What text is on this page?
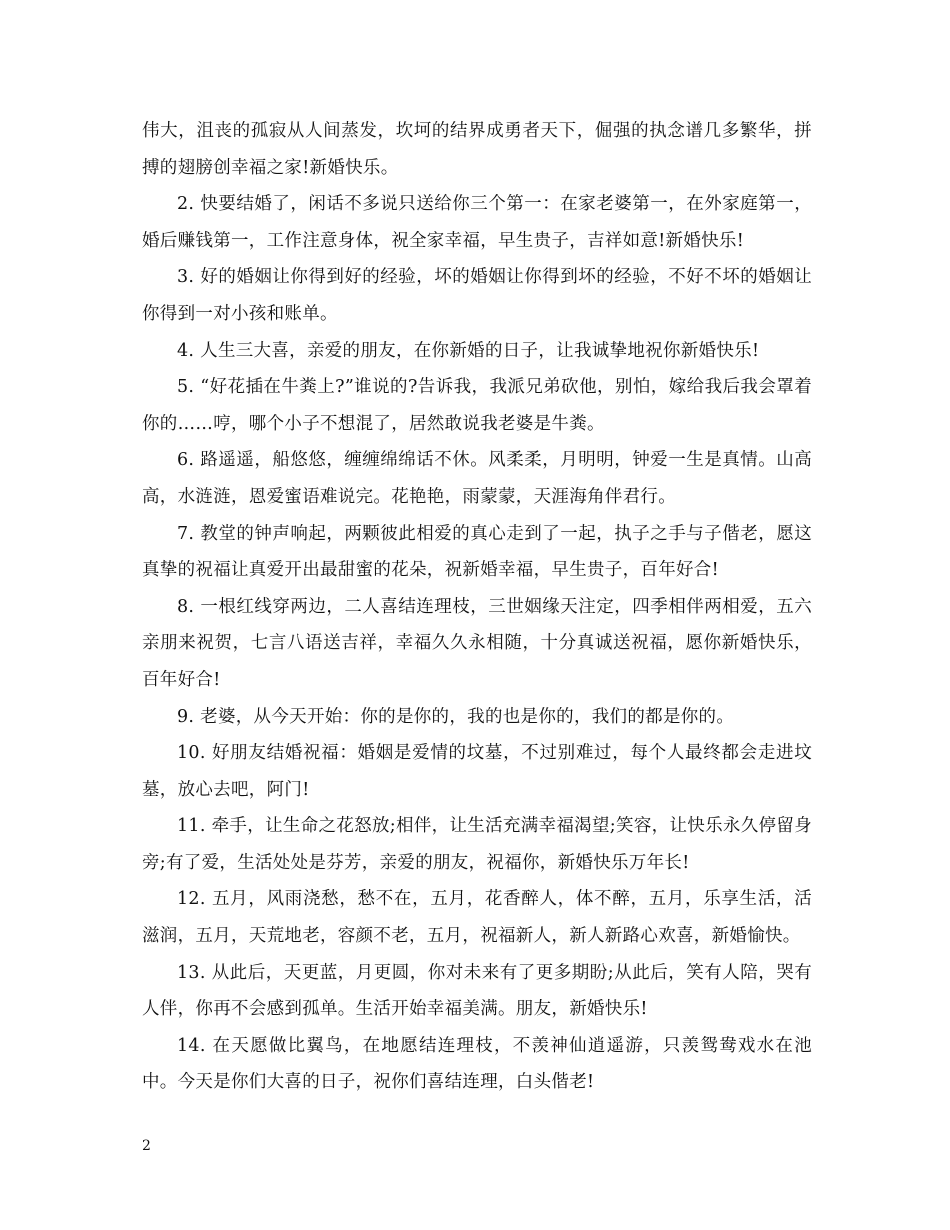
伟大，沮丧的孤寂从人间蒸发，坎坷的结界成勇者天下，倔强的执念谱几多繁华，拼搏的翅膀创幸福之家!新婚快乐。

2. 快要结婚了，闲话不多说只送给你三个第一：在家老婆第一，在外家庭第一，婚后赚钱第一，工作注意身体，祝全家幸福，早生贵子，吉祥如意!新婚快乐!

3. 好的婚姻让你得到好的经验，坏的婚姻让你得到坏的经验，不好不坏的婚姻让你得到一对小孩和账单。

4. 人生三大喜，亲爱的朋友，在你新婚的日子，让我诚挚地祝你新婚快乐!

5. “好花插在牛粪上?”谁说的?告诉我，我派兄弟砍他，别怕，嫁给我后我会罩着你的……哼，哪个小子不想混了，居然敢说我老婆是牛粪。

6. 路遥遥，船悠悠，缠缠绵绵话不休。风柔柔，月明明，钟爱一生是真情。山高高，水涟涟，恩爱蜜语难说完。花艳艳，雨蒙蒙，天涯海角伴君行。

7. 教堂的钟声响起，两颗彼此相爱的真心走到了一起，执子之手与子偕老，愿这真挚的祝福让真爱开出最甜蜜的花朵，祝新婚幸福，早生贵子，百年好合!

8. 一根红线穿两边，二人喜结连理枝，三世姻缘天注定，四季相伴两相爱，五六亲朋来祝贺，七言八语送吉祥，幸福久久永相随，十分真诚送祝福，愿你新婚快乐，百年好合!

9. 老婆，从今天开始：你的是你的，我的也是你的，我们的都是你的。

10. 好朋友结婚祝福：婚姻是爱情的坟墓，不过别难过，每个人最终都会走进坟墓，放心去吧，阿门!

11. 牵手，让生命之花怒放;相伴，让生活充满幸福渴望;笑容，让快乐永久停留身旁;有了爱，生活处处是芬芳，亲爱的朋友，祝福你，新婚快乐万年长!

12. 五月，风雨浇愁，愁不在，五月，花香醉人，体不醉，五月，乐享生活，活滋润，五月，天荒地老，容颜不老，五月，祝福新人，新人新路心欢喜，新婚愉快。

13. 从此后，天更蓝，月更圆，你对未来有了更多期盼;从此后，笑有人陪，哭有人伴，你再不会感到孤单。生活开始幸福美满。朋友，新婚快乐!

14. 在天愿做比翼鸟，在地愿结连理枝，不羡神仙逍遥游，只羡鸳鸯戏水在池中。今天是你们大喜的日子，祝你们喜结连理，白头偕老!

2
